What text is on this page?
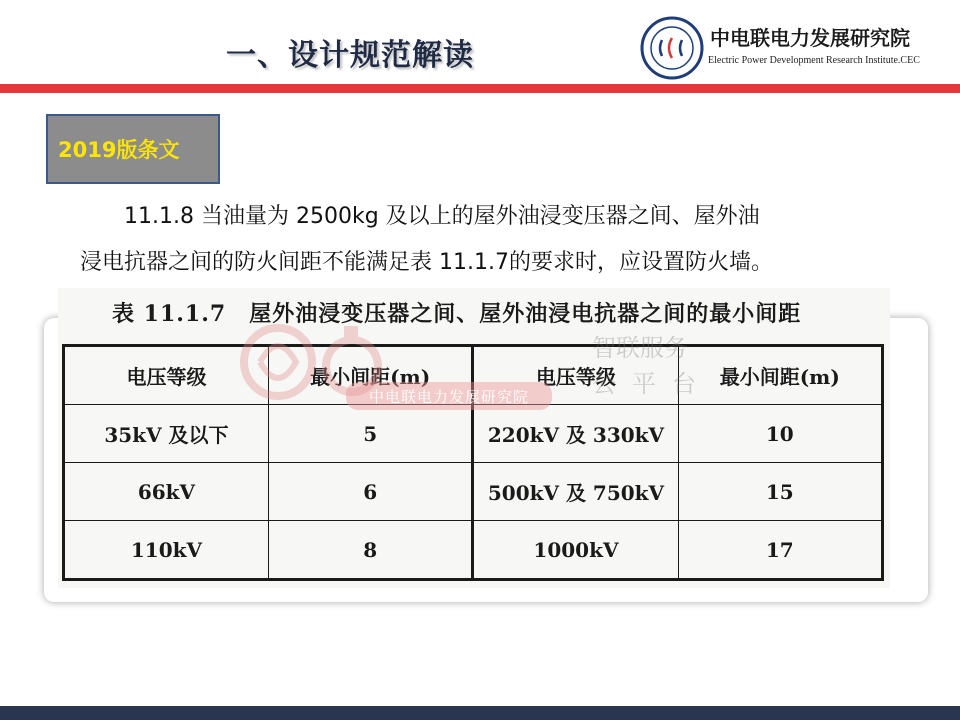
一、设计规范解读	中电联电力发展研究院
Electric Power Development Research Institute.CEC
2019版条文
11.1.8 当油量为 2500kg 及以上的屋外油浸变压器之间、屋外油
浸电抗器之间的防火间距不能满足表 11.1.7的要求时，应设置防火墙。
表 11.1.7　屋外油浸变压器之间、屋外油浸电抗器之间的最小间距
电压等级	最小间距(m)	电压等级	最小间距(m)
35kV 及以下	5	220kV 及 330kV	10
66kV	6	500kV 及 750kV	15
110kV	8	1000kV	17
中电联电力发展研究院
智联服务
公平台
